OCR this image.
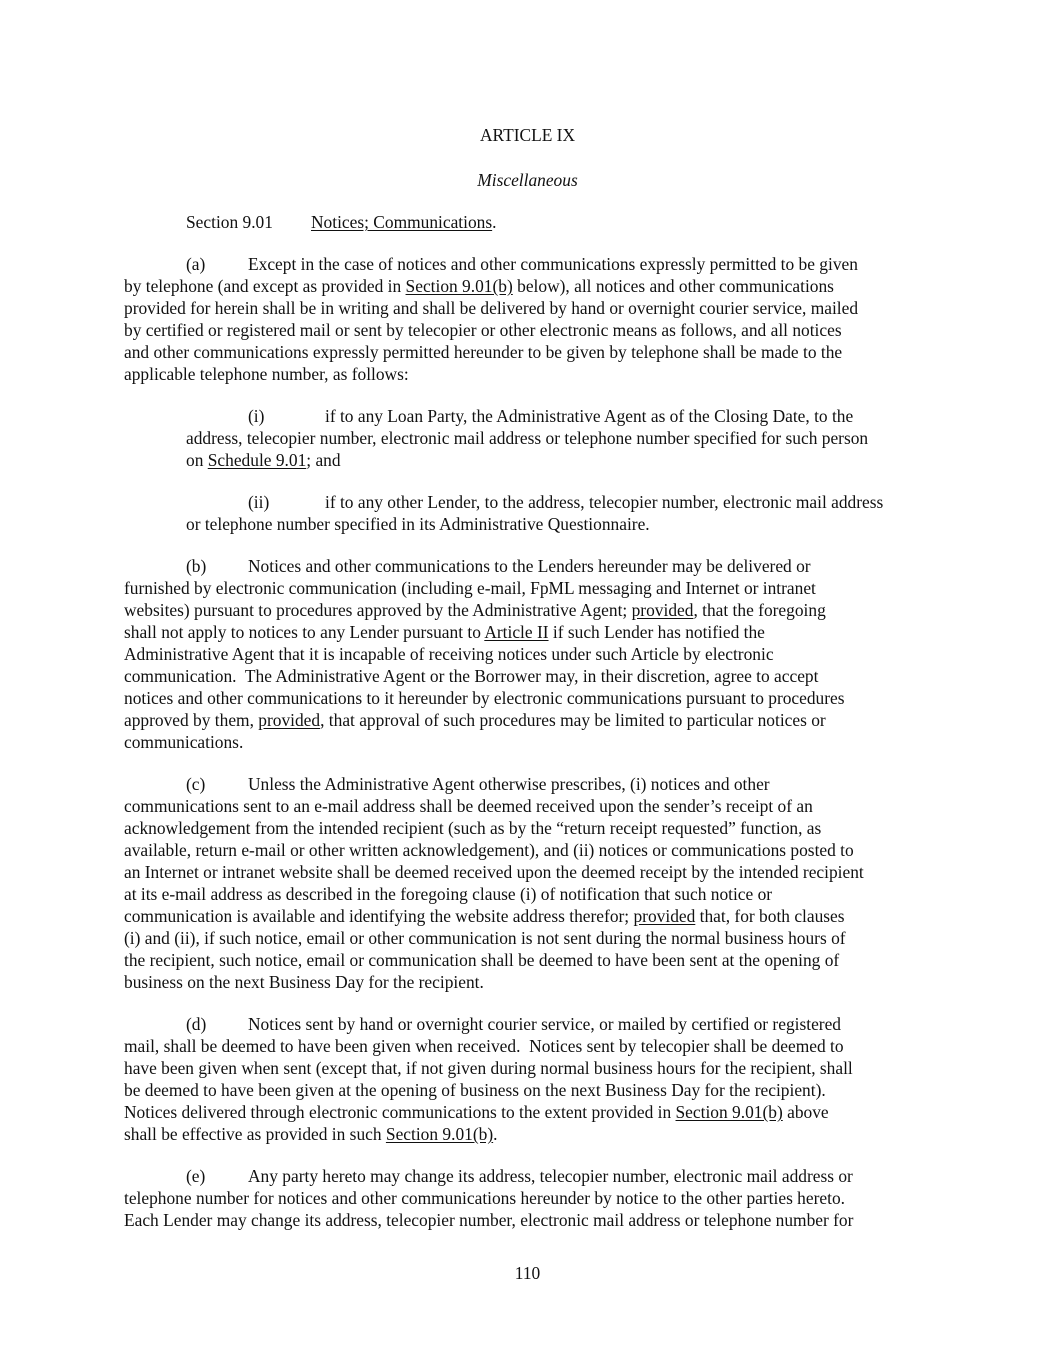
ARTICLE IX
Miscellaneous
Section 9.01 Notices; Communications.
(a) Except in the case of notices and other communications expressly permitted to be given
by telephone (and except as provided in Section 9.01(b) below), all notices and other communications
provided for herein shall be in writing and shall be delivered by hand or overnight courier service, mailed
by certified or registered mail or sent by telecopier or other electronic means as follows, and all notices
and other communications expressly permitted hereunder to be given by telephone shall be made to the
applicable telephone number, as follows:
(i)	if to any Loan Party, the Administrative Agent as of the Closing Date, to the
address, telecopier number, electronic mail address or telephone number specified for such person
on Schedule 9.01; and
(ii)	if to any other Lender, to the address, telecopier number, electronic mail address
or telephone number specified in its Administrative Questionnaire.
(b) Notices and other communications to the Lenders hereunder may be delivered or
furnished by electronic communication (including e-mail, FpML messaging and Internet or intranet
websites) pursuant to procedures approved by the Administrative Agent; provided, that the foregoing
shall not apply to notices to any Lender pursuant to Article II if such Lender has notified the
Administrative Agent that it is incapable of receiving notices under such Article by electronic
communication.  The Administrative Agent or the Borrower may, in their discretion, agree to accept
notices and other communications to it hereunder by electronic communications pursuant to procedures
approved by them, provided, that approval of such procedures may be limited to particular notices or
communications.
(c) Unless the Administrative Agent otherwise prescribes, (i) notices and other
communications sent to an e-mail address shall be deemed received upon the sender’s receipt of an
acknowledgement from the intended recipient (such as by the “return receipt requested” function, as
available, return e-mail or other written acknowledgement), and (ii) notices or communications posted to
an Internet or intranet website shall be deemed received upon the deemed receipt by the intended recipient
at its e-mail address as described in the foregoing clause (i) of notification that such notice or
communication is available and identifying the website address therefor; provided that, for both clauses
(i) and (ii), if such notice, email or other communication is not sent during the normal business hours of
the recipient, such notice, email or communication shall be deemed to have been sent at the opening of
business on the next Business Day for the recipient.
(d) Notices sent by hand or overnight courier service, or mailed by certified or registered
mail, shall be deemed to have been given when received.  Notices sent by telecopier shall be deemed to
have been given when sent (except that, if not given during normal business hours for the recipient, shall
be deemed to have been given at the opening of business on the next Business Day for the recipient).
Notices delivered through electronic communications to the extent provided in Section 9.01(b) above
shall be effective as provided in such Section 9.01(b).
(e) Any party hereto may change its address, telecopier number, electronic mail address or
telephone number for notices and other communications hereunder by notice to the other parties hereto.
Each Lender may change its address, telecopier number, electronic mail address or telephone number for
110
